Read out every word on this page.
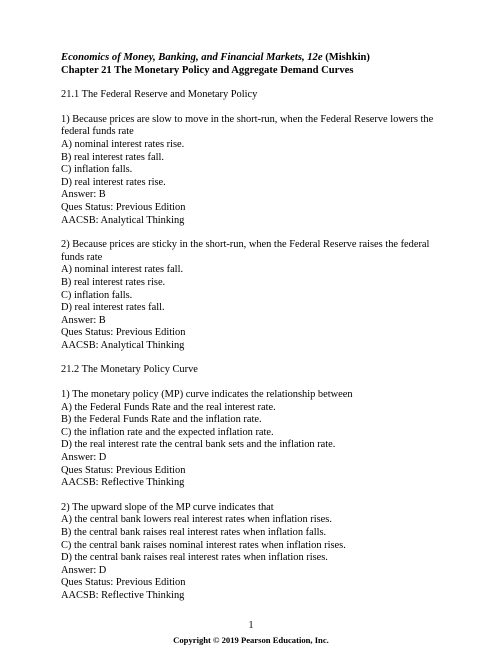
Economics of Money, Banking, and Financial Markets, 12e (Mishkin)
Chapter 21 The Monetary Policy and Aggregate Demand Curves
21.1 The Federal Reserve and Monetary Policy

1) Because prices are slow to move in the short-run, when the Federal Reserve lowers the federal funds rate

A) nominal interest rates rise.

B) real interest rates fall.

C) inflation falls.

D) real interest rates rise.

Answer: B

Ques Status: Previous Edition

AACSB: Analytical Thinking

2) Because prices are sticky in the short-run, when the Federal Reserve raises the federal funds rate

A) nominal interest rates fall.

B) real interest rates rise.

C) inflation falls.

D) real interest rates fall.

Answer: B

Ques Status: Previous Edition

AACSB: Analytical Thinking

21.2 The Monetary Policy Curve

1) The monetary policy (MP) curve indicates the relationship between

A) the Federal Funds Rate and the real interest rate.

B) the Federal Funds Rate and the inflation rate.

C) the inflation rate and the expected inflation rate.

D) the real interest rate the central bank sets and the inflation rate.

Answer: D

Ques Status: Previous Edition

AACSB: Reflective Thinking

2) The upward slope of the MP curve indicates that

A) the central bank lowers real interest rates when inflation rises.

B) the central bank raises real interest rates when inflation falls.

C) the central bank raises nominal interest rates when inflation rises.

D) the central bank raises real interest rates when inflation rises.

Answer: D

Ques Status: Previous Edition

AACSB: Reflective Thinking

1
Copyright © 2019 Pearson Education, Inc.
